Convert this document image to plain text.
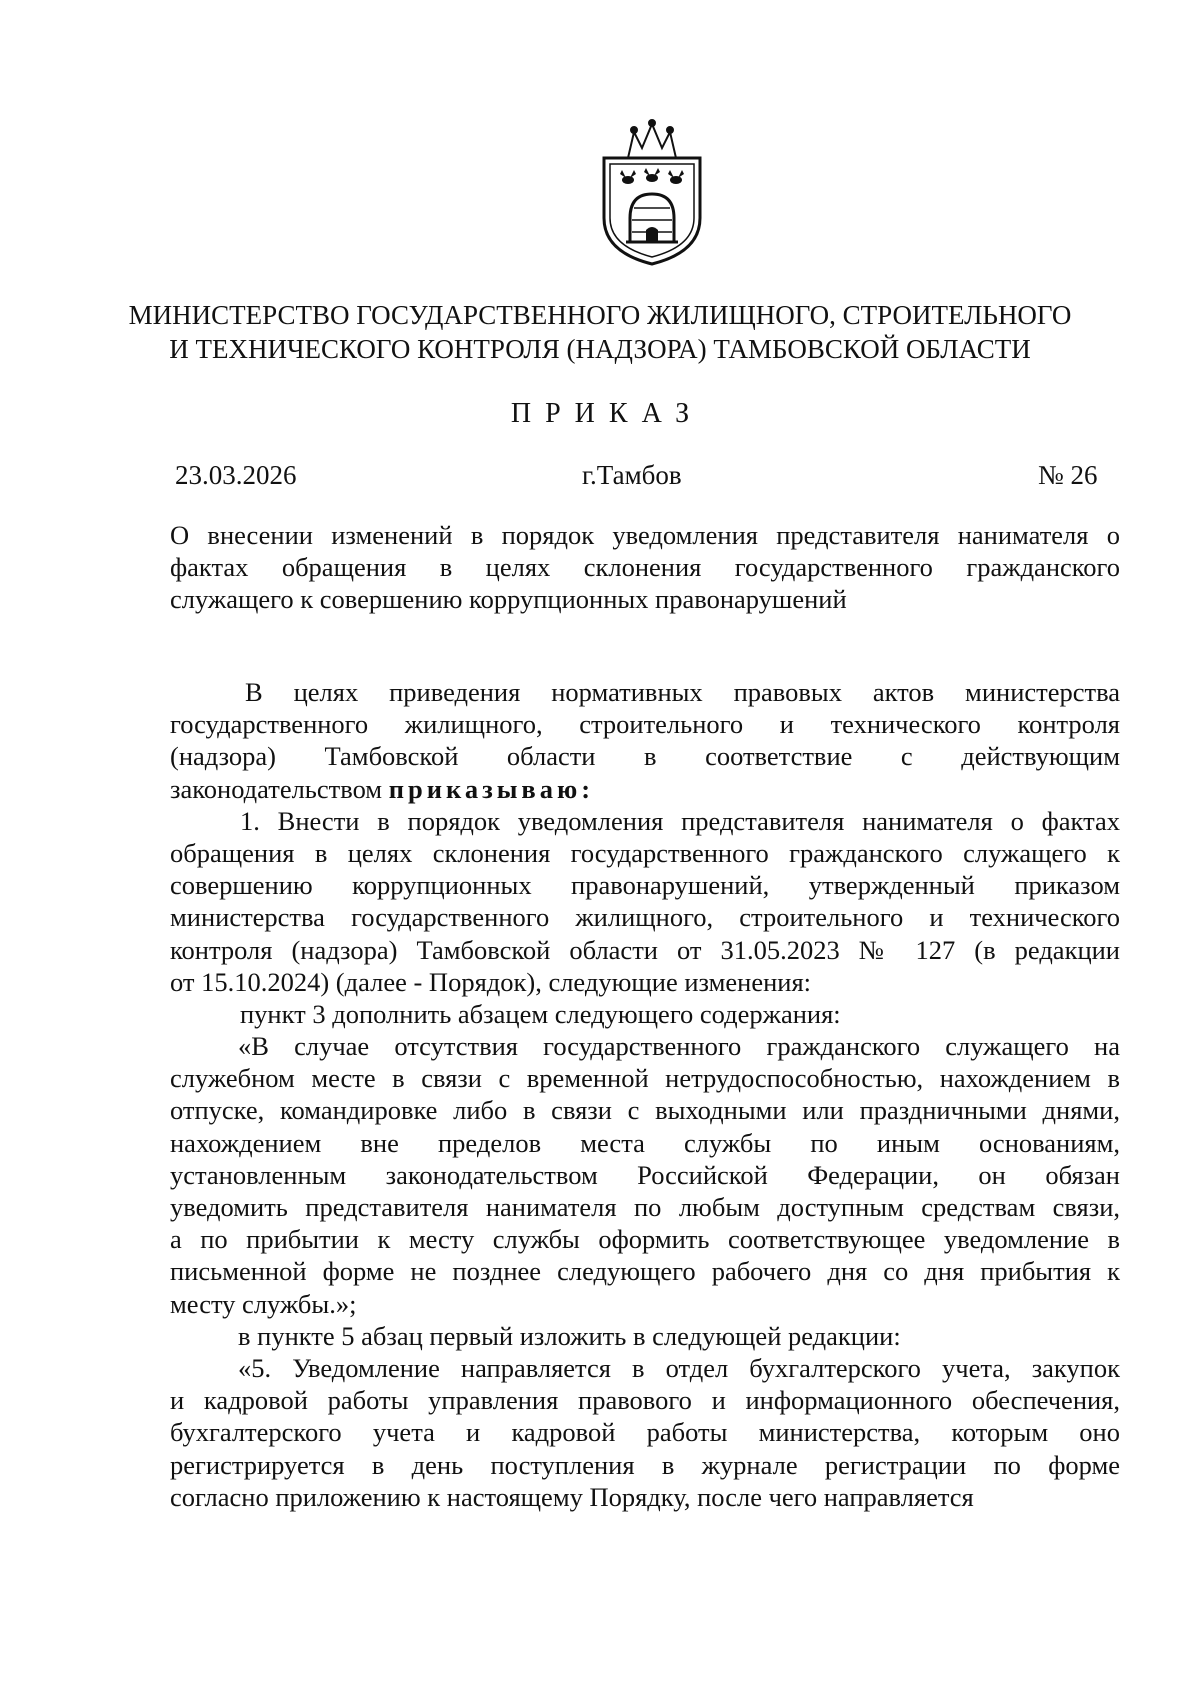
МИНИСТЕРСТВО ГОСУДАРСТВЕННОГО ЖИЛИЩНОГО, СТРОИТЕЛЬНОГО
И ТЕХНИЧЕСКОГО КОНТРОЛЯ (НАДЗОРА) ТАМБОВСКОЙ ОБЛАСТИ
ПРИКАЗ
23.03.2026	г.Тамбов	№ 26
О внесении изменений в порядок уведомления представителя нанимателя о
фактах обращения в целях склонения государственного гражданского
служащего к совершению коррупционных правонарушений
В целях приведения нормативных правовых актов министерства
государственного жилищного, строительного и технического контроля
(надзора) Тамбовской области в соответствие с действующим
законодательством приказываю:
1. Внести в порядок уведомления представителя нанимателя о фактах
обращения в целях склонения государственного гражданского служащего к
совершению коррупционных правонарушений, утвержденный приказом
министерства государственного жилищного, строительного и технического
контроля (надзора) Тамбовской области от 31.05.2023 № 127 (в редакции
от 15.10.2024) (далее - Порядок), следующие изменения:
пункт 3 дополнить абзацем следующего содержания:
«В случае отсутствия государственного гражданского служащего на
служебном месте в связи с временной нетрудоспособностью, нахождением в
отпуске, командировке либо в связи с выходными или праздничными днями,
нахождением вне пределов места службы по иным основаниям,
установленным законодательством Российской Федерации, он обязан
уведомить представителя нанимателя по любым доступным средствам связи,
а по прибытии к месту службы оформить соответствующее уведомление в
письменной форме не позднее следующего рабочего дня со дня прибытия к
месту службы.»;
в пункте 5 абзац первый изложить в следующей редакции:
«5. Уведомление направляется в отдел бухгалтерского учета, закупок
и кадровой работы управления правового и информационного обеспечения,
бухгалтерского учета и кадровой работы министерства, которым оно
регистрируется в день поступления в журнале регистрации по форме
согласно приложению к настоящему Порядку, после чего направляется
